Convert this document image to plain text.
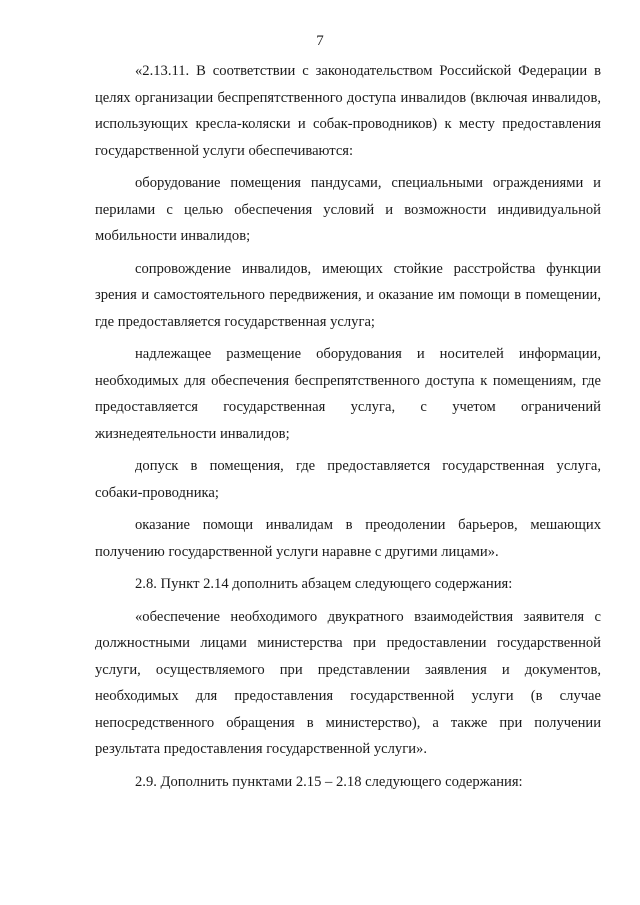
7

«2.13.11. В соответствии с законодательством Российской Федерации в целях организации беспрепятственного доступа инвалидов (включая инвалидов, использующих кресла-коляски и собак-проводников) к месту предоставления государственной услуги обеспечиваются:

оборудование помещения пандусами, специальными ограждениями и перилами с целью обеспечения условий и возможности индивидуальной мобильности инвалидов;

сопровождение инвалидов, имеющих стойкие расстройства функции зрения и самостоятельного передвижения, и оказание им помощи в помещении, где предоставляется государственная услуга;

надлежащее размещение оборудования и носителей информации, необходимых для обеспечения беспрепятственного доступа к помещениям, где предоставляется государственная услуга, с учетом ограничений жизнедеятельности инвалидов;

допуск в помещения, где предоставляется государственная услуга, собаки-проводника;

оказание помощи инвалидам в преодолении барьеров, мешающих получению государственной услуги наравне с другими лицами».

2.8. Пункт 2.14 дополнить абзацем следующего содержания:

«обеспечение необходимого двукратного взаимодействия заявителя с должностными лицами министерства при предоставлении государственной услуги, осуществляемого при представлении заявления и документов, необходимых для предоставления государственной услуги (в случае непосредственного обращения в министерство), а также при получении результата предоставления государственной услуги».

2.9. Дополнить пунктами 2.15 – 2.18 следующего содержания:
